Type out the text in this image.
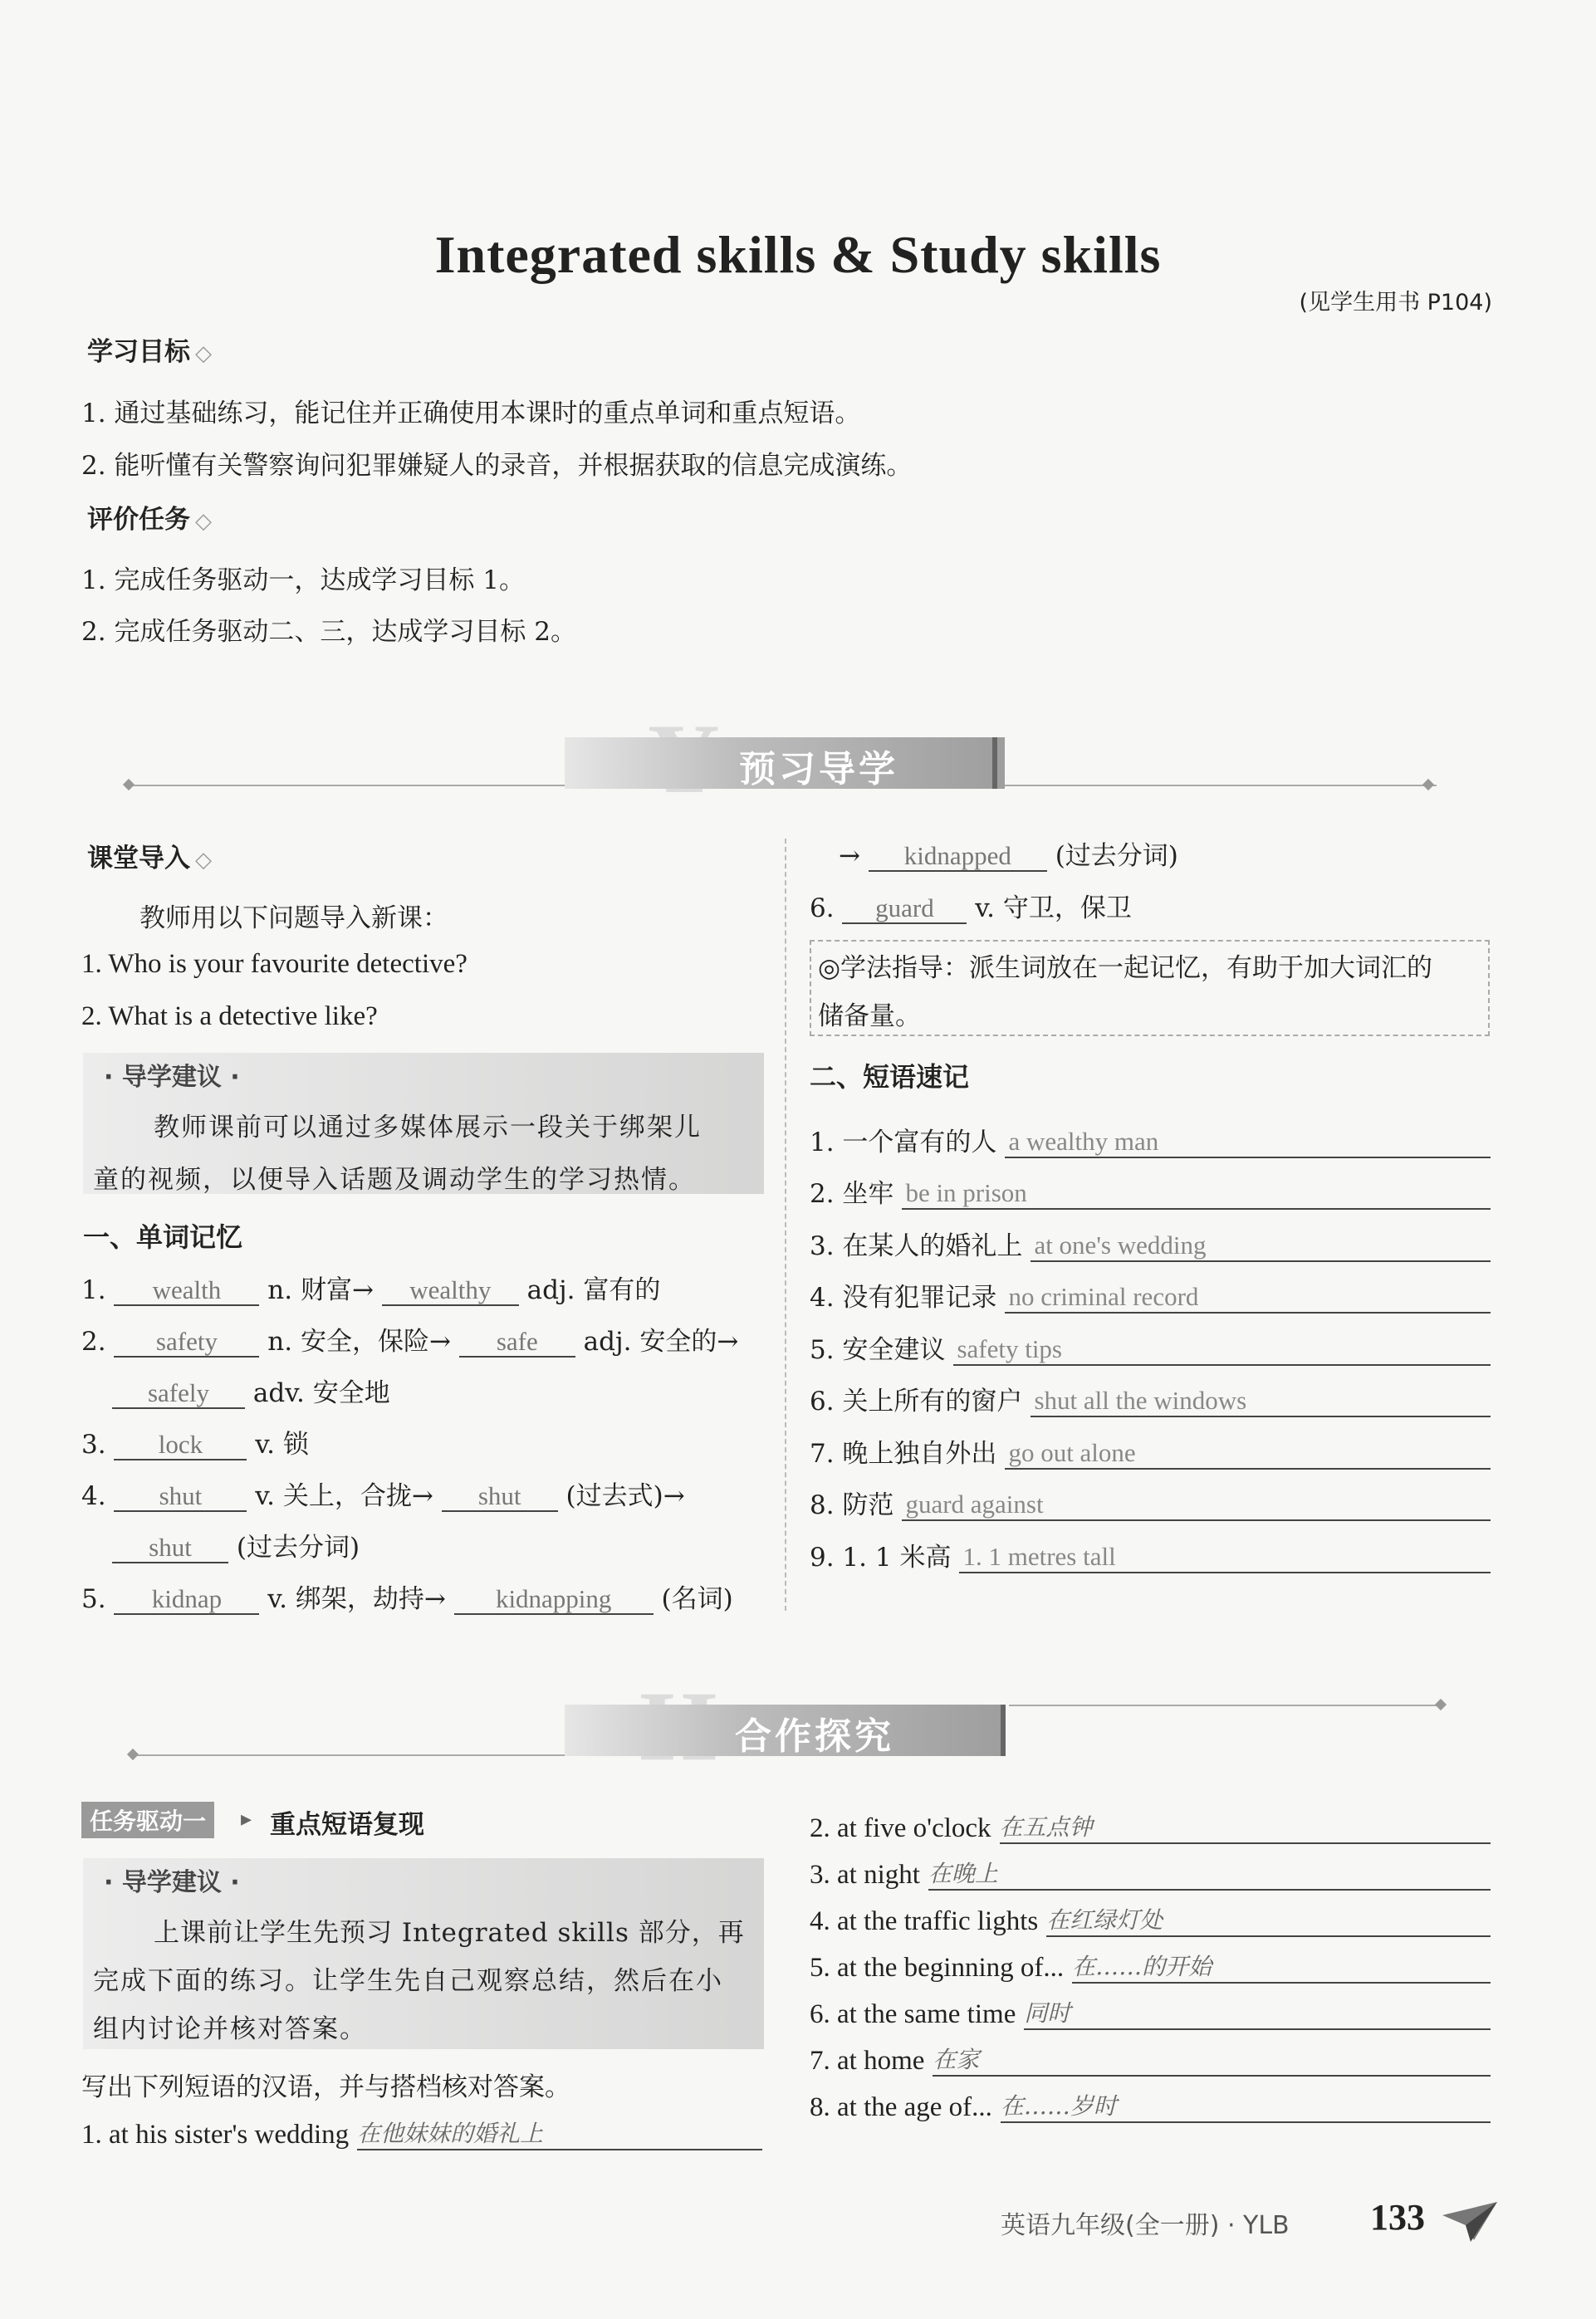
Integrated skills & Study skills
(见学生用书 P104)
学习目标 ◇
1. 通过基础练习，能记住并正确使用本课时的重点单词和重点短语。
2. 能听懂有关警察询问犯罪嫌疑人的录音，并根据获取的信息完成演练。
评价任务 ◇
1. 完成任务驱动一，达成学习目标 1。
2. 完成任务驱动二、三，达成学习目标 2。
预习导学
课堂导入 ◇
教师用以下问题导入新课：
1. Who is your favourite detective?
2. What is a detective like?
· 导学建议 ·
教师课前可以通过多媒体展示一段关于绑架儿
童的视频，以便导入话题及调动学生的学习热情。
一、单词记忆
1. wealth n. 财富→ wealthy adj. 富有的
2. safety n. 安全，保险→ safe adj. 安全的→
safely adv. 安全地
3. lock v. 锁
4. shut v. 关上，合拢→ shut (过去式)→
shut (过去分词)
5. kidnap v. 绑架，劫持→ kidnapping (名词)
→ kidnapped (过去分词)
6. guard v. 守卫，保卫
◎学法指导：派生词放在一起记忆，有助于加大词汇的
储备量。
二、短语速记
1. 一个富有的人 a wealthy man
2. 坐牢 be in prison
3. 在某人的婚礼上 at one's wedding
4. 没有犯罪记录 no criminal record
5. 安全建议 safety tips
6. 关上所有的窗户 shut all the windows
7. 晚上独自外出 go out alone
8. 防范 guard against
9. 1. 1 米高 1. 1 metres tall
合作探究
任务驱动一	▸ 重点短语复现
· 导学建议 ·
上课前让学生先预习 Integrated skills 部分，再
完成下面的练习。让学生先自己观察总结，然后在小
组内讨论并核对答案。
写出下列短语的汉语，并与搭档核对答案。
1. at his sister's wedding 在他妹妹的婚礼上
2. at five o'clock 在五点钟
3. at night 在晚上
4. at the traffic lights 在红绿灯处
5. at the beginning of... 在……的开始
6. at the same time 同时
7. at home 在家
8. at the age of... 在……岁时
英语九年级(全一册) · YLB 133
